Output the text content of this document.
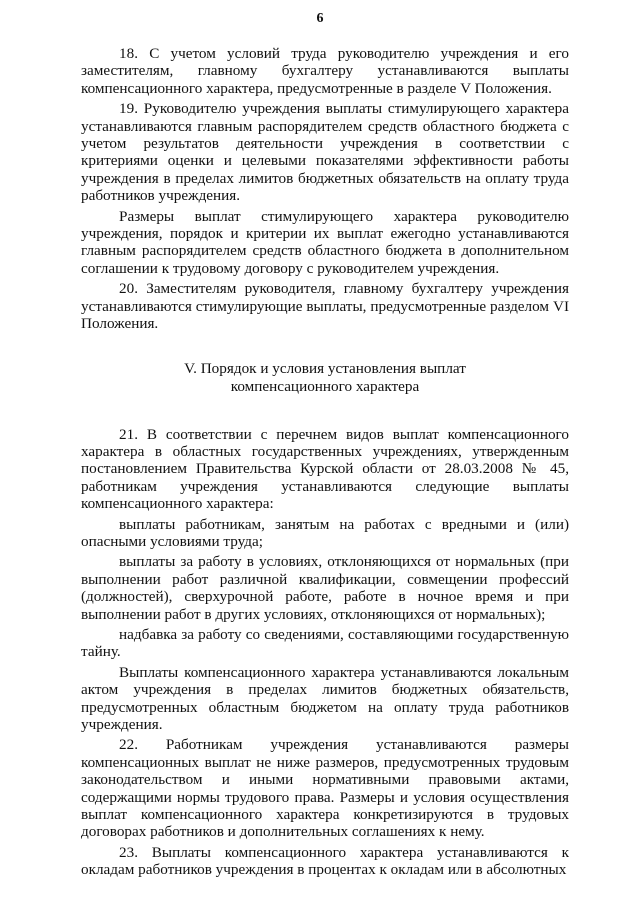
6

18. С учетом условий труда руководителю учреждения и его заместителям, главному бухгалтеру устанавливаются выплаты компенсационного характера, предусмотренные в разделе V Положения.

19. Руководителю учреждения выплаты стимулирующего характера устанавливаются главным распорядителем средств областного бюджета с учетом результатов деятельности учреждения в соответствии с критериями оценки и целевыми показателями эффективности работы учреждения в пределах лимитов бюджетных обязательств на оплату труда работников учреждения.

Размеры выплат стимулирующего характера руководителю учреждения, порядок и критерии их выплат ежегодно устанавливаются главным распорядителем средств областного бюджета в дополнительном соглашении к трудовому договору с руководителем учреждения.

20. Заместителям руководителя, главному бухгалтеру учреждения устанавливаются стимулирующие выплаты, предусмотренные разделом VI Положения.

V. Порядок и условия установления выплат
компенсационного характера

21. В соответствии с перечнем видов выплат компенсационного характера в областных государственных учреждениях, утвержденным постановлением Правительства Курской области от 28.03.2008 № 45, работникам учреждения устанавливаются следующие выплаты компенсационного характера:

выплаты работникам, занятым на работах с вредными и (или) опасными условиями труда;

выплаты за работу в условиях, отклоняющихся от нормальных (при выполнении работ различной квалификации, совмещении профессий (должностей), сверхурочной работе, работе в ночное время и при выполнении работ в других условиях, отклоняющихся от нормальных);

надбавка за работу со сведениями, составляющими государственную тайну.

Выплаты компенсационного характера устанавливаются локальным актом учреждения в пределах лимитов бюджетных обязательств, предусмотренных областным бюджетом на оплату труда работников учреждения.

22. Работникам учреждения устанавливаются размеры компенсационных выплат не ниже размеров, предусмотренных трудовым законодательством и иными нормативными правовыми актами, содержащими нормы трудового права. Размеры и условия осуществления выплат компенсационного характера конкретизируются в трудовых договорах работников и дополнительных соглашениях к нему.

23. Выплаты компенсационного характера устанавливаются к окладам работников учреждения в процентах к окладам или в абсолютных
